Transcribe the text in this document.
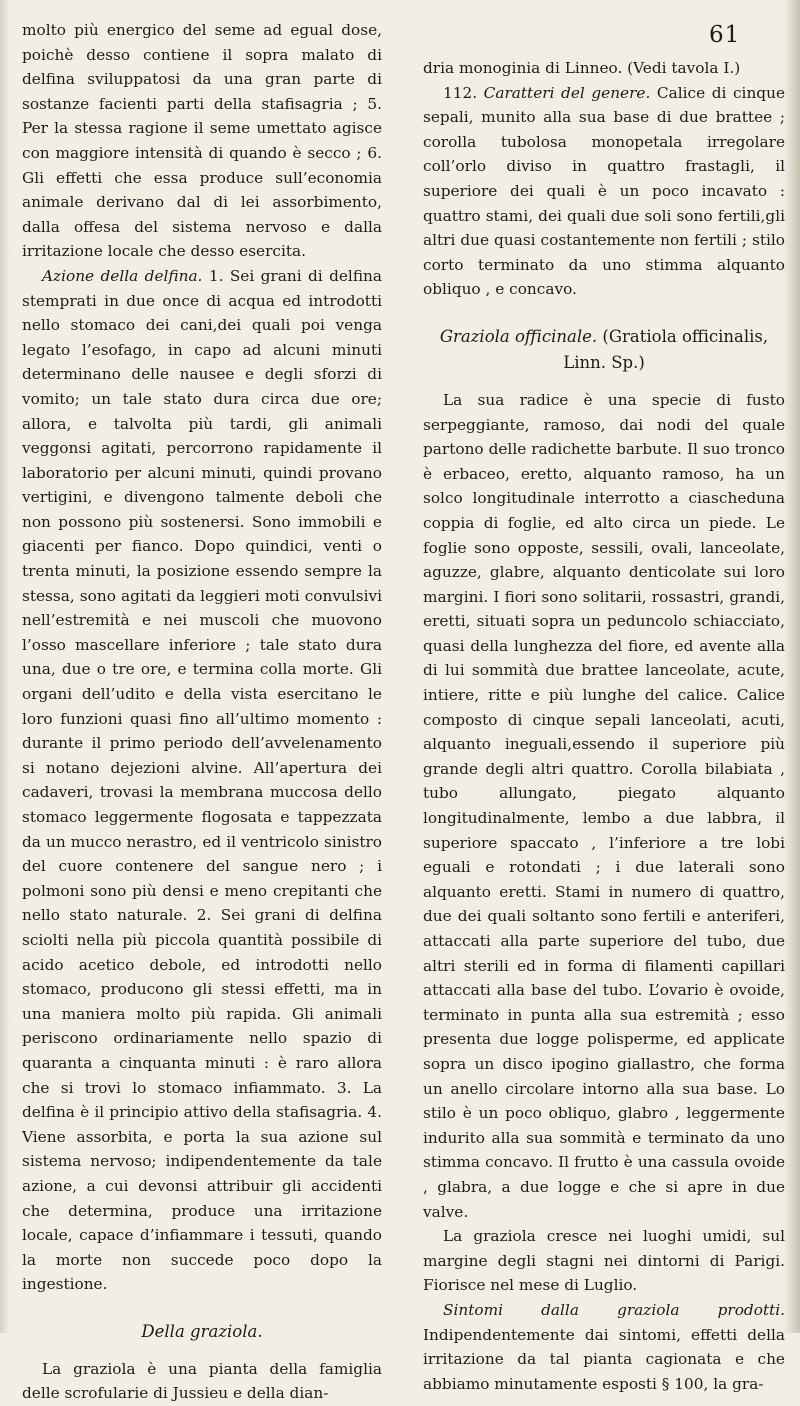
61

molto più energico del seme ad egual dose, poichè desso contiene il sopra malato di delfina sviluppatosi da una gran parte di sostanze facienti parti della stafisagria ; 5. Per la stessa ragione il seme umettato agisce con maggiore intensità di quando è secco ; 6. Gli effetti che essa produce sull’economia animale derivano dal di lei assorbimento, dalla offesa del sistema nervoso e dalla irritazione locale che desso esercita.

Azione della delfina. 1. Sei grani di delfina stemprati in due once di acqua ed introdotti nello stomaco dei cani,dei quali poi venga legato l’esofago, in capo ad alcuni minuti determinano delle nausee e degli sforzi di vomito; un tale stato dura circa due ore; allora, e talvolta più tardi, gli animali veggonsi agitati, percorrono rapidamente il laboratorio per alcuni minuti, quindi provano vertigini, e divengono talmente deboli che non possono più sostenersi. Sono immobili e giacenti per fianco. Dopo quindici, venti o trenta minuti, la posizione essendo sempre la stessa, sono agitati da leggieri moti convulsivi nell’estremità e nei muscoli che muovono l’osso mascellare inferiore ; tale stato dura una, due o tre ore, e termina colla morte. Gli organi dell’udito e della vista esercitano le loro funzioni quasi fino all’ultimo momento : durante il primo periodo dell’avvelenamento si notano dejezioni alvine. All’apertura dei cadaveri, trovasi la membrana muccosa dello stomaco leggermente flogosata e tappezzata da un mucco nerastro, ed il ventricolo sinistro del cuore contenere del sangue nero ; i polmoni sono più densi e meno crepitanti che nello stato naturale. 2. Sei grani di delfina sciolti nella più piccola quantità possibile di acido acetico debole, ed introdotti nello stomaco, producono gli stessi effetti, ma in una maniera molto più rapida. Gli animali periscono ordinariamente nello spazio di quaranta a cinquanta minuti : è raro allora che si trovi lo stomaco infiammato. 3. La delfina è il principio attivo della stafisagria. 4. Viene assorbita, e porta la sua azione sul sistema nervoso; indipendentemente da tale azione, a cui devonsi attribuir gli accidenti che determina, produce una irritazione locale, capace d’infiammare i tessuti, quando la morte non succede poco dopo la ingestione.

Della graziola.

La graziola è una pianta della famiglia delle scrofularie di Jussieu e della dian-

dria monoginia di Linneo. (Vedi tavola I.)

112. Caratteri del genere. Calice di cinque sepali, munito alla sua base di due brattee ; corolla tubolosa monopetala irregolare coll’orlo diviso in quattro frastagli, il superiore dei quali è un poco incavato : quattro stami, dei quali due soli sono fertili,gli altri due quasi costantemente non fertili ; stilo corto terminato da uno stimma alquanto obliquo , e concavo.

Graziola officinale. (Gratiola officinalis, Linn. Sp.)

La sua radice è una specie di fusto serpeggiante, ramoso, dai nodi del quale partono delle radichette barbute. Il suo tronco è erbaceo, eretto, alquanto ramoso, ha un solco longitudinale interrotto a ciascheduna coppia di foglie, ed alto circa un piede. Le foglie sono opposte, sessili, ovali, lanceolate, aguzze, glabre, alquanto denticolate sui loro margini. I fiori sono solitarii, rossastri, grandi, eretti, situati sopra un peduncolo schiacciato, quasi della lunghezza del fiore, ed avente alla di lui sommità due brattee lanceolate, acute, intiere, ritte e più lunghe del calice. Calice composto di cinque sepali lanceolati, acuti, alquanto ineguali,essendo il superiore più grande degli altri quattro. Corolla bilabiata , tubo allungato, piegato alquanto longitudinalmente, lembo a due labbra, il superiore spaccato , l’inferiore a tre lobi eguali e rotondati ; i due laterali sono alquanto eretti. Stami in numero di quattro, due dei quali soltanto sono fertili e anteriferi, attaccati alla parte superiore del tubo, due altri sterili ed in forma di filamenti capillari attaccati alla base del tubo. L’ovario è ovoide, terminato in punta alla sua estremità ; esso presenta due logge polisperme, ed applicate sopra un disco ipogino giallastro, che forma un anello circolare intorno alla sua base. Lo stilo è un poco obliquo, glabro , leggermente indurito alla sua sommità e terminato da uno stimma concavo. Il frutto è una cassula ovoide , glabra, a due logge e che si apre in due valve.

La graziola cresce nei luoghi umidi, sul margine degli stagni nei dintorni di Parigi. Fiorisce nel mese di Luglio.

Sintomi dalla graziola prodotti. Indipendentemente dai sintomi, effetti della irritazione da tal pianta cagionata e che abbiamo minutamente esposti § 100, la gra-
